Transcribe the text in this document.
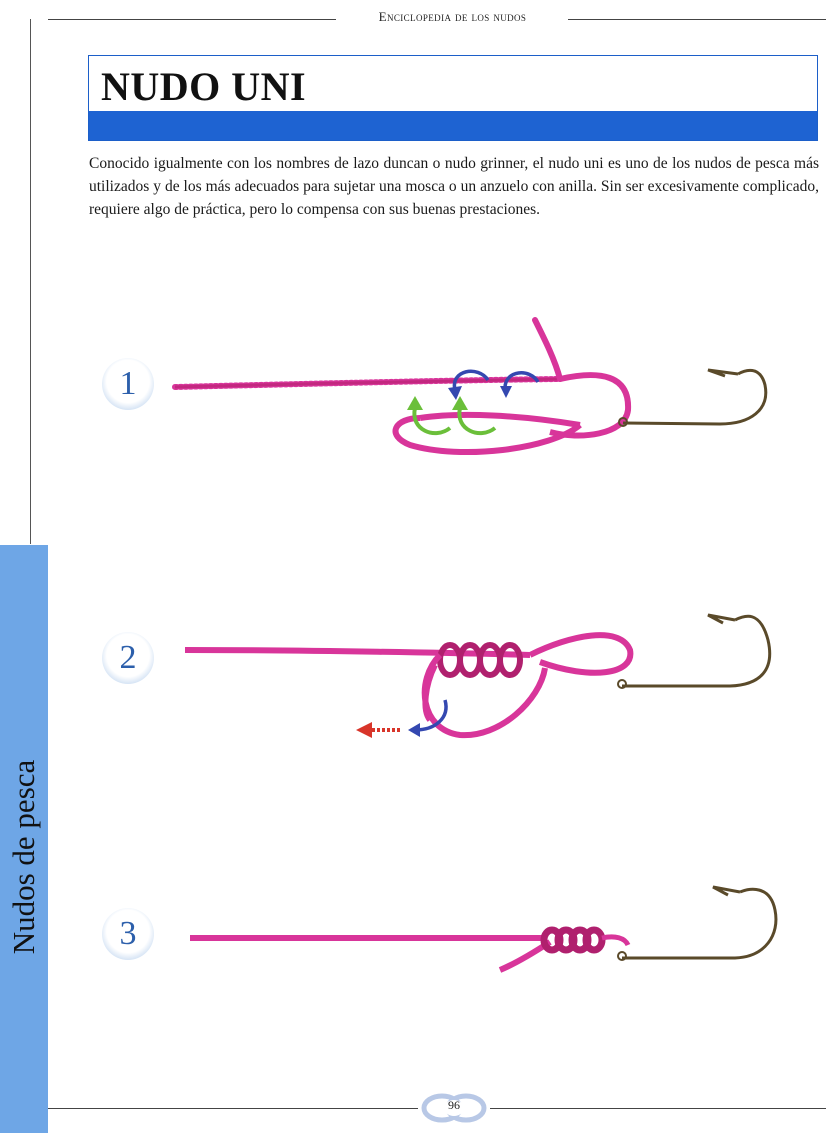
Enciclopedia de los nudos
NUDO UNI

Conocido igualmente con los nombres de lazo duncan o nudo grinner, el nudo uni es uno de los nudos de pesca más utilizados y de los más adecuados para sujetar una mosca o un anzuelo con anilla. Sin ser excesivamente complicado, requiere algo de práctica, pero lo compensa con sus buenas prestaciones.

1
2
3
Nudos de pesca
96
